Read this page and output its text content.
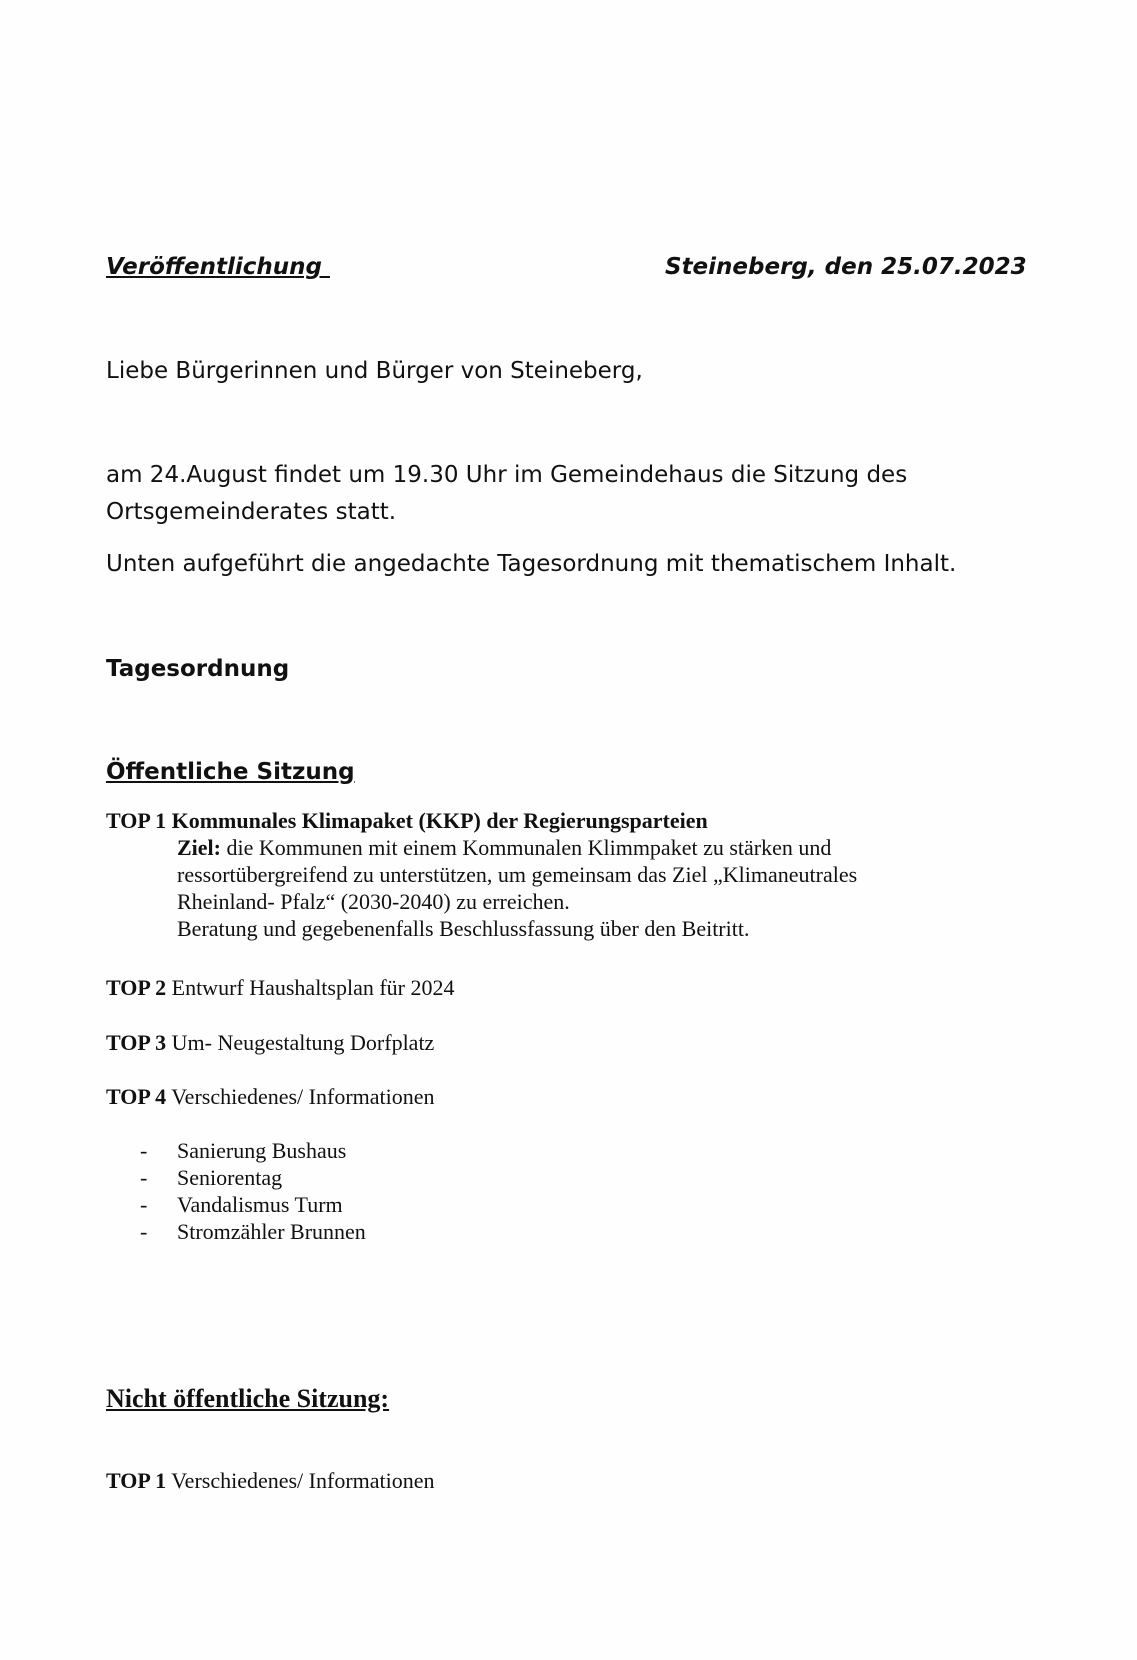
Veröffentlichung	Steineberg, den 25.07.2023
Liebe Bürgerinnen und Bürger von Steineberg,
am 24.August findet um 19.30 Uhr im Gemeindehaus die Sitzung des
Ortsgemeinderates statt.
Unten aufgeführt die angedachte Tagesordnung mit thematischem Inhalt.
Tagesordnung
Öffentliche Sitzung
TOP 1 Kommunales Klimapaket (KKP) der Regierungsparteien
Ziel: die Kommunen mit einem Kommunalen Klimmpaket zu stärken und
ressortübergreifend zu unterstützen, um gemeinsam das Ziel „Klimaneutrales
Rheinland- Pfalz“ (2030-2040) zu erreichen.
Beratung und gegebenenfalls Beschlussfassung über den Beitritt.
TOP 2 Entwurf Haushaltsplan für 2024
TOP 3 Um- Neugestaltung Dorfplatz
TOP 4 Verschiedenes/ Informationen
- Sanierung Bushaus
- Seniorentag
- Vandalismus Turm
- Stromzähler Brunnen
Nicht öffentliche Sitzung:
TOP 1 Verschiedenes/ Informationen
